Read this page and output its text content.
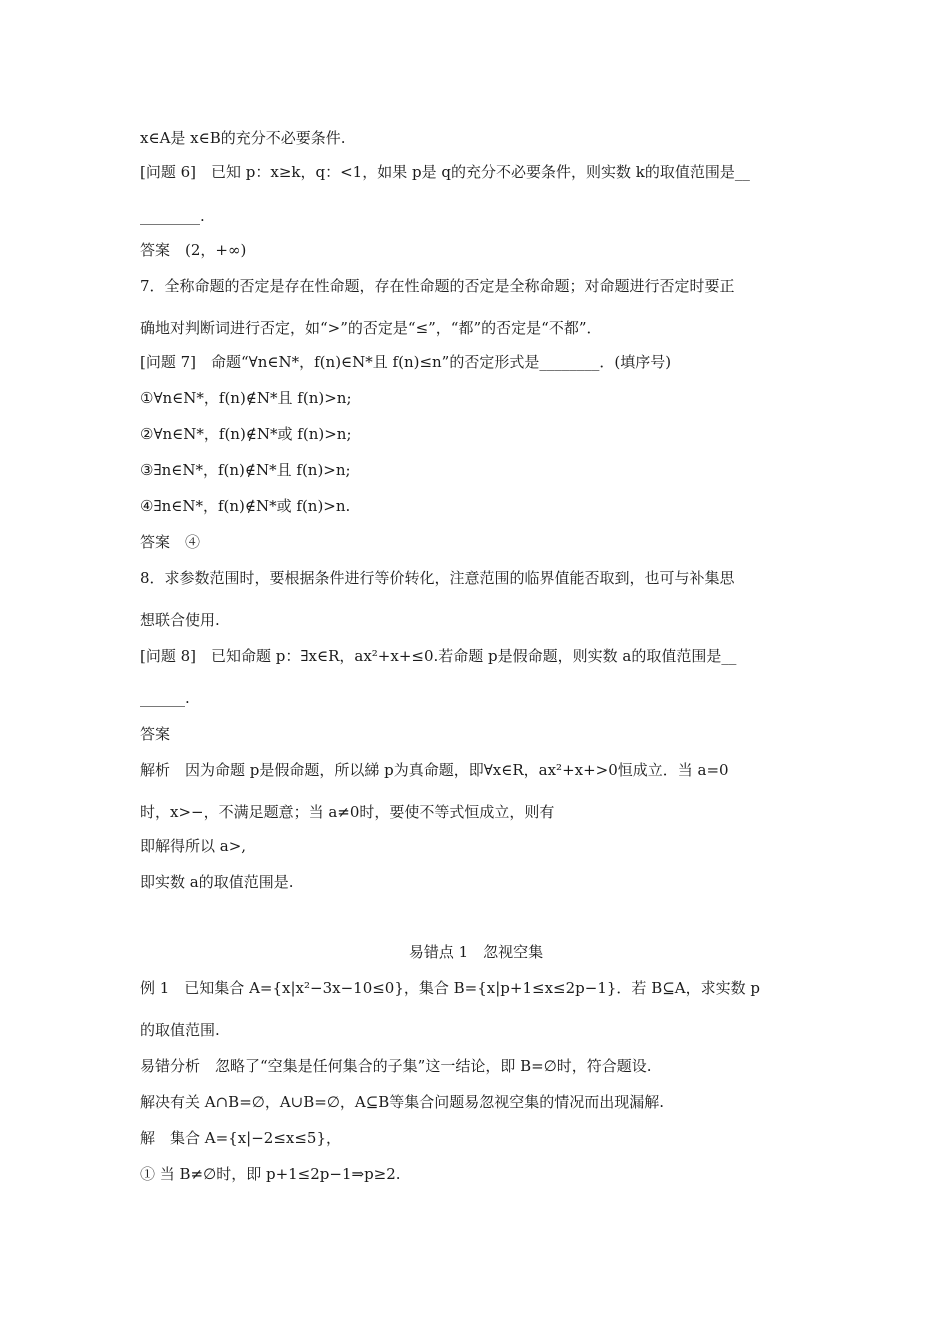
x∈A是 x∈B的充分不必要条件.
[问题 6]　已知 p：x≥k，q：<1，如果 p是 q的充分不必要条件，则实数 k的取值范围是__
________.
答案　(2，+∞)
7．全称命题的否定是存在性命题，存在性命题的否定是全称命题；对命题进行否定时要正
确地对判断词进行否定，如“>”的否定是“≤”，“都”的否定是“不都”．
[问题 7]　命题“∀n∈N*，f(n)∈N*且 f(n)≤n”的否定形式是________．(填序号)
①∀n∈N*，f(n)∉N*且 f(n)>n;
②∀n∈N*，f(n)∉N*或 f(n)>n;
③∃n∈N*，f(n)∉N*且 f(n)>n;
④∃n∈N*，f(n)∉N*或 f(n)>n.
答案　④
8．求参数范围时，要根据条件进行等价转化，注意范围的临界值能否取到，也可与补集思
想联合使用.
[问题 8]　已知命题 p：∃x∈R，ax²+x+≤0.若命题 p是假命题，则实数 a的取值范围是__
______.
答案
解析　因为命题 p是假命题，所以綈 p为真命题，即∀x∈R，ax²+x+>0恒成立．当 a=0
时，x>−，不满足题意；当 a≠0时，要使不等式恒成立，则有
即解得所以 a>,
即实数 a的取值范围是.
易错点 1　忽视空集
例 1　已知集合 A={x|x²−3x−10≤0}，集合 B={x|p+1≤x≤2p−1}．若 B⊆A，求实数 p
的取值范围.
易错分析　忽略了“空集是任何集合的子集”这一结论，即 B=∅时，符合题设.
解决有关 A∩B=∅，A∪B=∅，A⊆B等集合问题易忽视空集的情况而出现漏解.
解　集合 A={x|−2≤x≤5}，
① 当 B≠∅时，即 p+1≤2p−1⇒p≥2.
